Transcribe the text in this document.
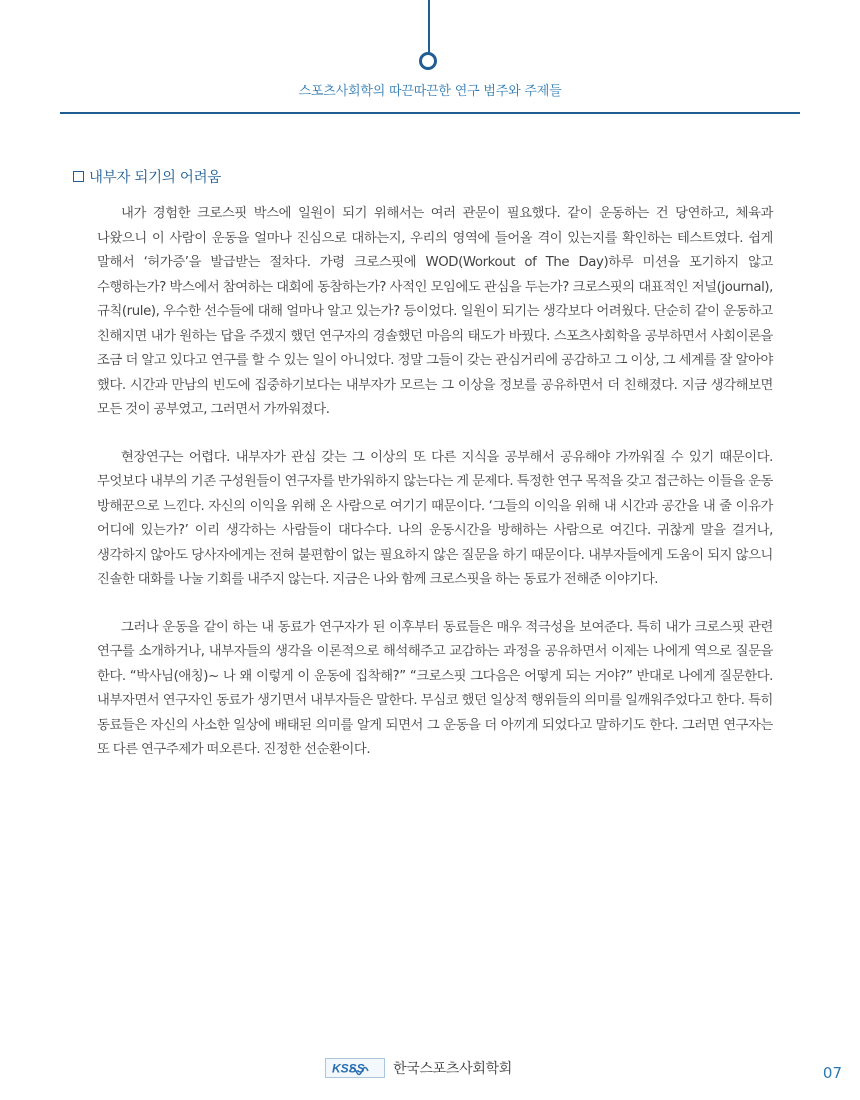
스포츠사회학의 따끈따끈한 연구 범주와 주제들
내부자 되기의 어려움

내가 경험한 크로스핏 박스에 일원이 되기 위해서는 여러 관문이 필요했다. 같이 운동하는 건 당연하고, 체육과 나왔으니 이 사람이 운동을 얼마나 진심으로 대하는지, 우리의 영역에 들어올 격이 있는지를 확인하는 테스트였다. 쉽게 말해서 ‘허가증’을 발급받는 절차다. 가령 크로스핏에 WOD(Workout of The Day)하루 미션을 포기하지 않고 수행하는가? 박스에서 참여하는 대회에 동참하는가? 사적인 모임에도 관심을 두는가? 크로스핏의 대표적인 저널(journal), 규칙(rule), 우수한 선수들에 대해 얼마나 알고 있는가? 등이었다. 일원이 되기는 생각보다 어려웠다. 단순히 같이 운동하고 친해지면 내가 원하는 답을 주겠지 했던 연구자의 경솔했던 마음의 태도가 바꿨다. 스포츠사회학을 공부하면서 사회이론을 조금 더 알고 있다고 연구를 할 수 있는 일이 아니었다. 정말 그들이 갖는 관심거리에 공감하고 그 이상, 그 세계를 잘 알아야 했다. 시간과 만남의 빈도에 집중하기보다는 내부자가 모르는 그 이상을 정보를 공유하면서 더 친해졌다. 지금 생각해보면 모든 것이 공부였고, 그러면서 가까워졌다.

현장연구는 어렵다. 내부자가 관심 갖는 그 이상의 또 다른 지식을 공부해서 공유해야 가까워질 수 있기 때문이다. 무엇보다 내부의 기존 구성원들이 연구자를 반가워하지 않는다는 게 문제다. 특정한 연구 목적을 갖고 접근하는 이들을 운동 방해꾼으로 느낀다. 자신의 이익을 위해 온 사람으로 여기기 때문이다. ‘그들의 이익을 위해 내 시간과 공간을 내 줄 이유가 어디에 있는가?’ 이리 생각하는 사람들이 대다수다. 나의 운동시간을 방해하는 사람으로 여긴다. 귀찮게 말을 걸거나, 생각하지 않아도 당사자에게는 전혀 불편함이 없는 필요하지 않은 질문을 하기 때문이다. 내부자들에게 도움이 되지 않으니 진솔한 대화를 나눌 기회를 내주지 않는다. 지금은 나와 함께 크로스핏을 하는 동료가 전해준 이야기다.

그러나 운동을 같이 하는 내 동료가 연구자가 된 이후부터 동료들은 매우 적극성을 보여준다. 특히 내가 크로스핏 관련 연구를 소개하거나, 내부자들의 생각을 이론적으로 해석해주고 교감하는 과정을 공유하면서 이제는 나에게 역으로 질문을 한다. “박사님(애칭)~ 나 왜 이렇게 이 운동에 집착해?” “크로스핏 그다음은 어떻게 되는 거야?” 반대로 나에게 질문한다. 내부자면서 연구자인 동료가 생기면서 내부자들은 말한다. 무심코 했던 일상적 행위들의 의미를 일깨워주었다고 한다. 특히 동료들은 자신의 사소한 일상에 배태된 의미를 알게 되면서 그 운동을 더 아끼게 되었다고 말하기도 한다. 그러면 연구자는 또 다른 연구주제가 떠오른다. 진정한 선순환이다.

KSSS 한국스포츠사회학회	07
